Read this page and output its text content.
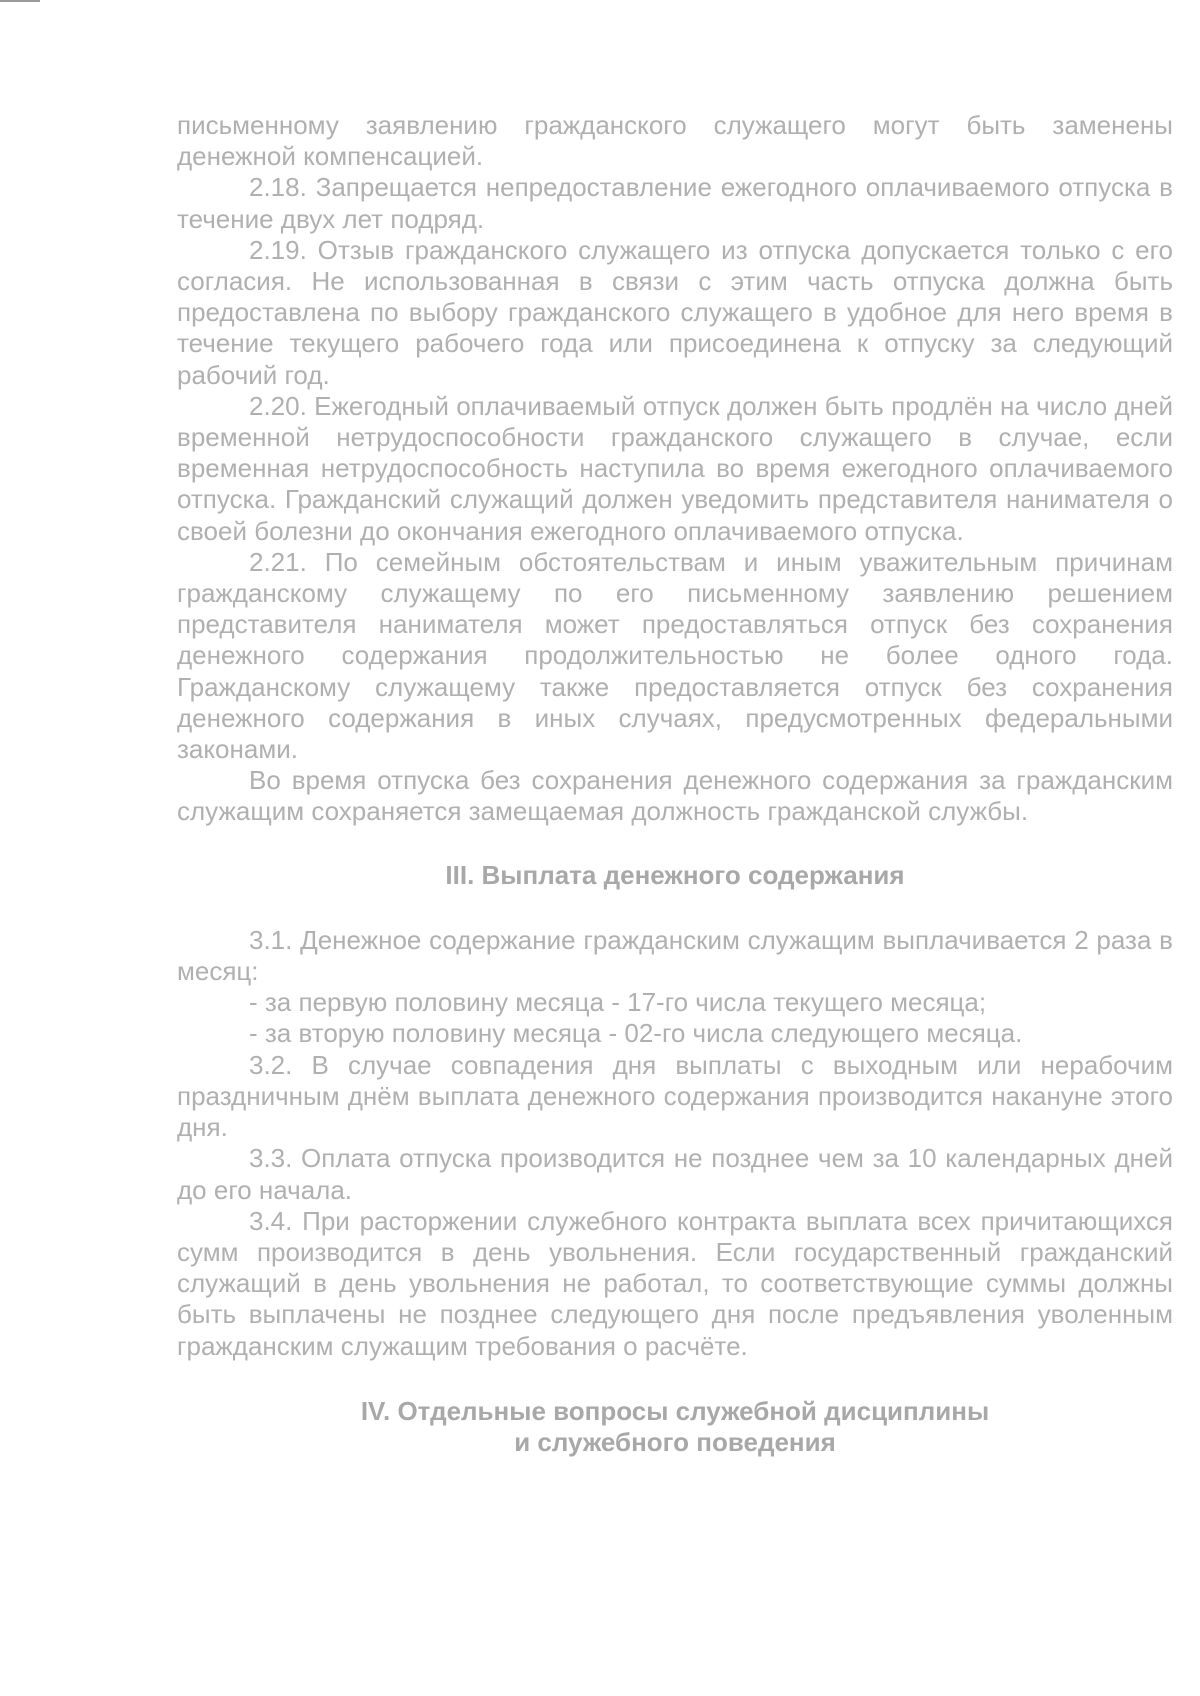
письменному заявлению гражданского служащего могут быть заменены денежной компенсацией.

2.18. Запрещается непредоставление ежегодного оплачиваемого отпуска в течение двух лет подряд.

2.19. Отзыв гражданского служащего из отпуска допускается только с его согласия. Не использованная в связи с этим часть отпуска должна быть предоставлена по выбору гражданского служащего в удобное для него время в течение текущего рабочего года или присоединена к отпуску за следующий рабочий год.

2.20. Ежегодный оплачиваемый отпуск должен быть продлён на число дней временной нетрудоспособности гражданского служащего в случае, если временная нетрудоспособность наступила во время ежегодного оплачиваемого отпуска. Гражданский служащий должен уведомить представителя нанимателя о своей болезни до окончания ежегодного оплачиваемого отпуска.

2.21. По семейным обстоятельствам и иным уважительным причинам гражданскому служащему по его письменному заявлению решением представителя нанимателя может предоставляться отпуск без сохранения денежного содержания продолжительностью не более одного года. Гражданскому служащему также предоставляется отпуск без сохранения денежного содержания в иных случаях, предусмотренных федеральными законами.

Во время отпуска без сохранения денежного содержания за гражданским служащим сохраняется замещаемая должность гражданской службы.

III. Выплата денежного содержания

3.1. Денежное содержание гражданским служащим выплачивается 2 раза в месяц:

- за первую половину месяца - 17-го числа текущего месяца;

- за вторую половину месяца - 02-го числа следующего месяца.

3.2. В случае совпадения дня выплаты с выходным или нерабочим праздничным днём выплата денежного содержания производится накануне этого дня.

3.3. Оплата отпуска производится не позднее чем за 10 календарных дней до его начала.

3.4. При расторжении служебного контракта выплата всех причитающихся сумм производится в день увольнения. Если государственный гражданский служащий в день увольнения не работал, то соответствующие суммы должны быть выплачены не позднее следующего дня после предъявления уволенным гражданским служащим требования о расчёте.

IV. Отдельные вопросы служебной дисциплины

и служебного поведения
